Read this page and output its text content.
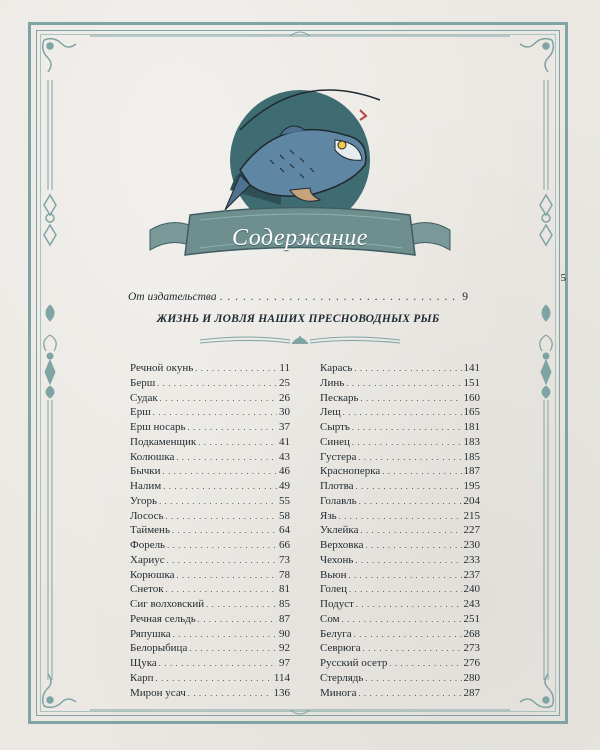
5
Содержание
От издательства . . .	9
ЖИЗНЬ И ЛОВЛЯ НАШИХ ПРЕСНОВОДНЫХ РЫБ
Речной окунь . . .	11
Берш . . .	25
Судак . . .	26
Ерш . . .	30
Ерш носарь . . .	37
Подкаменщик . . .	41
Колюшка . . .	43
Бычки . . .	46
Налим . . .	49
Угорь . . .	55
Лосось . . .	58
Таймень . . .	64
Форель . . .	66
Хариус . . .	73
Корюшка . . .	78
Снеток . . .	81
Сиг волховский . . .	85
Речная сельдь . . .	87
Ряпушка . . .	90
Белорыбица . . .	92
Щука . . .	97
Карп . . .	114
Мирон усач . . .	136
Карась . . .	141
Линь . . .	151
Пескарь . . .	160
Лещ . . .	165
Сырть . . .	181
Синец . . .	183
Густера . . .	185
Краснoперка . . .	187
Плотва . . .	195
Голавль . . .	204
Язь . . .	215
Уклейка . . .	227
Верховка . . .	230
Чехонь . . .	233
Вьюн . . .	237
Голец . . .	240
Подуст . . .	243
Сом . . .	251
Белуга . . .	268
Севрюга . . .	273
Русский осетр . . .	276
Стерлядь . . .	280
Минога . . .	287
